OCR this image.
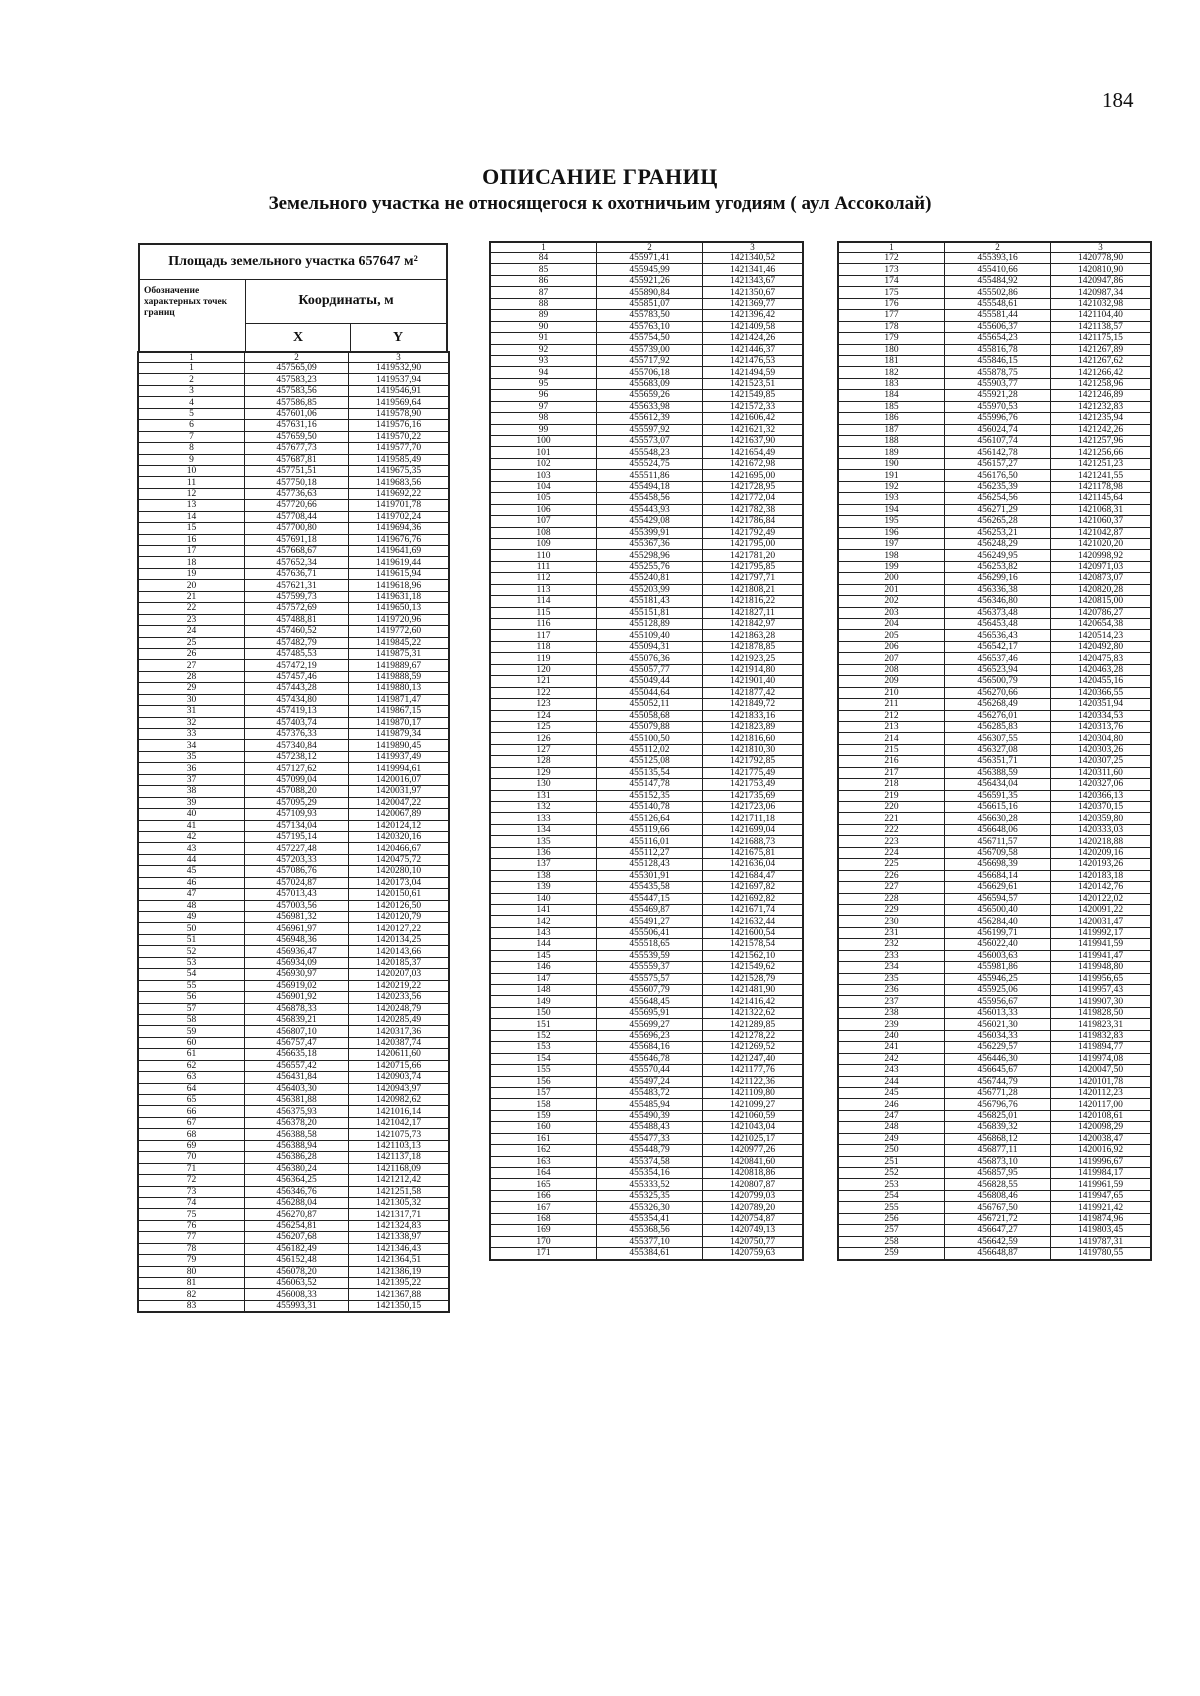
184
ОПИСАНИЕ ГРАНИЦ
Земельного участка не относящегося к охотничьим угодиям ( аул Ассоколай)
Площадь земельного участка 657647 м²
Обозначение характерных точек границ
Координаты, м
X	Y
1	2	3
1	457565,09	1419532,90
2	457583,23	1419537,94
3	457583,56	1419546,91
4	457586,85	1419569,64
5	457601,06	1419578,90
6	457631,16	1419576,16
7	457659,50	1419570,22
8	457677,73	1419577,70
9	457687,81	1419585,49
10	457751,51	1419675,35
11	457750,18	1419683,56
12	457736,63	1419692,22
13	457720,66	1419701,78
14	457708,44	1419702,24
15	457700,80	1419694,36
16	457691,18	1419676,76
17	457668,67	1419641,69
18	457652,34	1419619,44
19	457636,71	1419615,94
20	457621,31	1419618,96
21	457599,73	1419631,18
22	457572,69	1419650,13
23	457488,81	1419720,96
24	457460,52	1419772,60
25	457482,79	1419845,22
26	457485,53	1419875,31
27	457472,19	1419889,67
28	457457,46	1419888,59
29	457443,28	1419880,13
30	457434,80	1419871,47
31	457419,13	1419867,15
32	457403,74	1419870,17
33	457376,33	1419879,34
34	457340,84	1419890,45
35	457238,12	1419937,49
36	457127,62	1419994,61
37	457099,04	1420016,07
38	457088,20	1420031,97
39	457095,29	1420047,22
40	457109,93	1420067,89
41	457134,04	1420124,12
42	457195,14	1420320,16
43	457227,48	1420466,67
44	457203,33	1420475,72
45	457086,76	1420280,10
46	457024,87	1420173,04
47	457013,43	1420150,61
48	457003,56	1420126,50
49	456981,32	1420120,79
50	456961,97	1420127,22
51	456948,36	1420134,25
52	456936,47	1420143,66
53	456934,09	1420185,37
54	456930,97	1420207,03
55	456919,02	1420219,22
56	456901,92	1420233,56
57	456878,33	1420248,79
58	456839,21	1420285,49
59	456807,10	1420317,36
60	456757,47	1420387,74
61	456635,18	1420611,60
62	456557,42	1420715,66
63	456431,84	1420903,74
64	456403,30	1420943,97
65	456381,88	1420982,62
66	456375,93	1421016,14
67	456378,20	1421042,17
68	456388,58	1421075,73
69	456388,94	1421103,13
70	456386,28	1421137,18
71	456380,24	1421168,09
72	456364,25	1421212,42
73	456346,76	1421251,58
74	456288,04	1421305,32
75	456270,87	1421317,71
76	456254,81	1421324,83
77	456207,68	1421338,97
78	456182,49	1421346,43
79	456152,48	1421364,51
80	456078,20	1421386,19
81	456063,52	1421395,22
82	456008,33	1421367,88
83	455993,31	1421350,15
1	2	3
84	455971,41	1421340,52
85	455945,99	1421341,46
86	455921,26	1421343,67
87	455890,84	1421350,67
88	455851,07	1421369,77
89	455783,50	1421396,42
90	455763,10	1421409,58
91	455754,50	1421424,26
92	455739,00	1421446,37
93	455717,92	1421476,53
94	455706,18	1421494,59
95	455683,09	1421523,51
96	455659,26	1421549,85
97	455633,98	1421572,33
98	455612,39	1421606,42
99	455597,92	1421621,32
100	455573,07	1421637,90
101	455548,23	1421654,49
102	455524,75	1421672,98
103	455511,86	1421695,00
104	455494,18	1421728,95
105	455458,56	1421772,04
106	455443,93	1421782,38
107	455429,08	1421786,84
108	455399,91	1421792,49
109	455367,36	1421795,00
110	455298,96	1421781,20
111	455255,76	1421795,85
112	455240,81	1421797,71
113	455203,99	1421808,21
114	455181,43	1421816,22
115	455151,81	1421827,11
116	455128,89	1421842,97
117	455109,40	1421863,28
118	455094,31	1421878,85
119	455076,36	1421923,25
120	455057,77	1421914,80
121	455049,44	1421901,40
122	455044,64	1421877,42
123	455052,11	1421849,72
124	455058,68	1421833,16
125	455079,88	1421823,89
126	455100,50	1421816,60
127	455112,02	1421810,30
128	455125,08	1421792,85
129	455135,54	1421775,49
130	455147,78	1421753,49
131	455152,35	1421735,69
132	455140,78	1421723,06
133	455126,64	1421711,18
134	455119,66	1421699,04
135	455116,01	1421688,73
136	455112,27	1421675,81
137	455128,43	1421636,04
138	455301,91	1421684,47
139	455435,58	1421697,82
140	455447,15	1421692,82
141	455469,87	1421671,74
142	455491,27	1421632,44
143	455506,41	1421600,54
144	455518,65	1421578,54
145	455539,59	1421562,10
146	455559,37	1421549,62
147	455575,57	1421528,79
148	455607,79	1421481,90
149	455648,45	1421416,42
150	455695,91	1421322,62
151	455699,27	1421289,85
152	455696,23	1421278,22
153	455684,16	1421269,52
154	455646,78	1421247,40
155	455570,44	1421177,76
156	455497,24	1421122,36
157	455483,72	1421109,80
158	455485,94	1421099,27
159	455490,39	1421060,59
160	455488,43	1421043,04
161	455477,33	1421025,17
162	455448,79	1420977,26
163	455374,58	1420841,60
164	455354,16	1420818,86
165	455333,52	1420807,87
166	455325,35	1420799,03
167	455326,30	1420789,20
168	455354,41	1420754,87
169	455368,56	1420749,13
170	455377,10	1420750,77
171	455384,61	1420759,63
1	2	3
172	455393,16	1420778,90
173	455410,66	1420810,90
174	455484,92	1420947,86
175	455502,86	1420987,34
176	455548,61	1421032,98
177	455581,44	1421104,40
178	455606,37	1421138,57
179	455654,23	1421175,15
180	455816,78	1421267,89
181	455846,15	1421267,62
182	455878,75	1421266,42
183	455903,77	1421258,96
184	455921,28	1421246,89
185	455970,53	1421232,83
186	455996,76	1421235,94
187	456024,74	1421242,26
188	456107,74	1421257,96
189	456142,78	1421256,66
190	456157,27	1421251,23
191	456176,50	1421241,55
192	456235,39	1421178,98
193	456254,56	1421145,64
194	456271,29	1421068,31
195	456265,28	1421060,37
196	456253,21	1421042,87
197	456248,29	1421020,20
198	456249,95	1420998,92
199	456253,82	1420971,03
200	456299,16	1420873,07
201	456336,38	1420820,28
202	456346,80	1420815,00
203	456373,48	1420786,27
204	456453,48	1420654,38
205	456536,43	1420514,23
206	456542,17	1420492,80
207	456537,46	1420475,83
208	456523,94	1420463,28
209	456500,79	1420455,16
210	456270,66	1420366,55
211	456268,49	1420351,94
212	456276,01	1420334,53
213	456285,83	1420313,76
214	456307,55	1420304,80
215	456327,08	1420303,26
216	456351,71	1420307,25
217	456388,59	1420311,60
218	456434,04	1420327,06
219	456591,35	1420366,13
220	456615,16	1420370,15
221	456630,28	1420359,80
222	456648,06	1420333,03
223	456711,57	1420218,88
224	456709,58	1420209,16
225	456698,39	1420193,26
226	456684,14	1420183,18
227	456629,61	1420142,76
228	456594,57	1420122,02
229	456500,40	1420091,22
230	456284,40	1420031,47
231	456199,71	1419992,17
232	456022,40	1419941,59
233	456003,63	1419941,47
234	455981,86	1419948,80
235	455946,25	1419956,65
236	455925,06	1419957,43
237	455956,67	1419907,30
238	456013,33	1419828,50
239	456021,30	1419823,31
240	456034,33	1419832,83
241	456229,57	1419894,77
242	456446,30	1419974,08
243	456645,67	1420047,50
244	456744,79	1420101,78
245	456771,28	1420112,23
246	456796,76	1420117,00
247	456825,01	1420108,61
248	456839,32	1420098,29
249	456868,12	1420038,47
250	456877,11	1420016,92
251	456873,10	1419996,67
252	456857,95	1419984,17
253	456828,55	1419961,59
254	456808,46	1419947,65
255	456767,50	1419921,42
256	456721,72	1419874,96
257	456647,27	1419803,45
258	456642,59	1419787,31
259	456648,87	1419780,55
